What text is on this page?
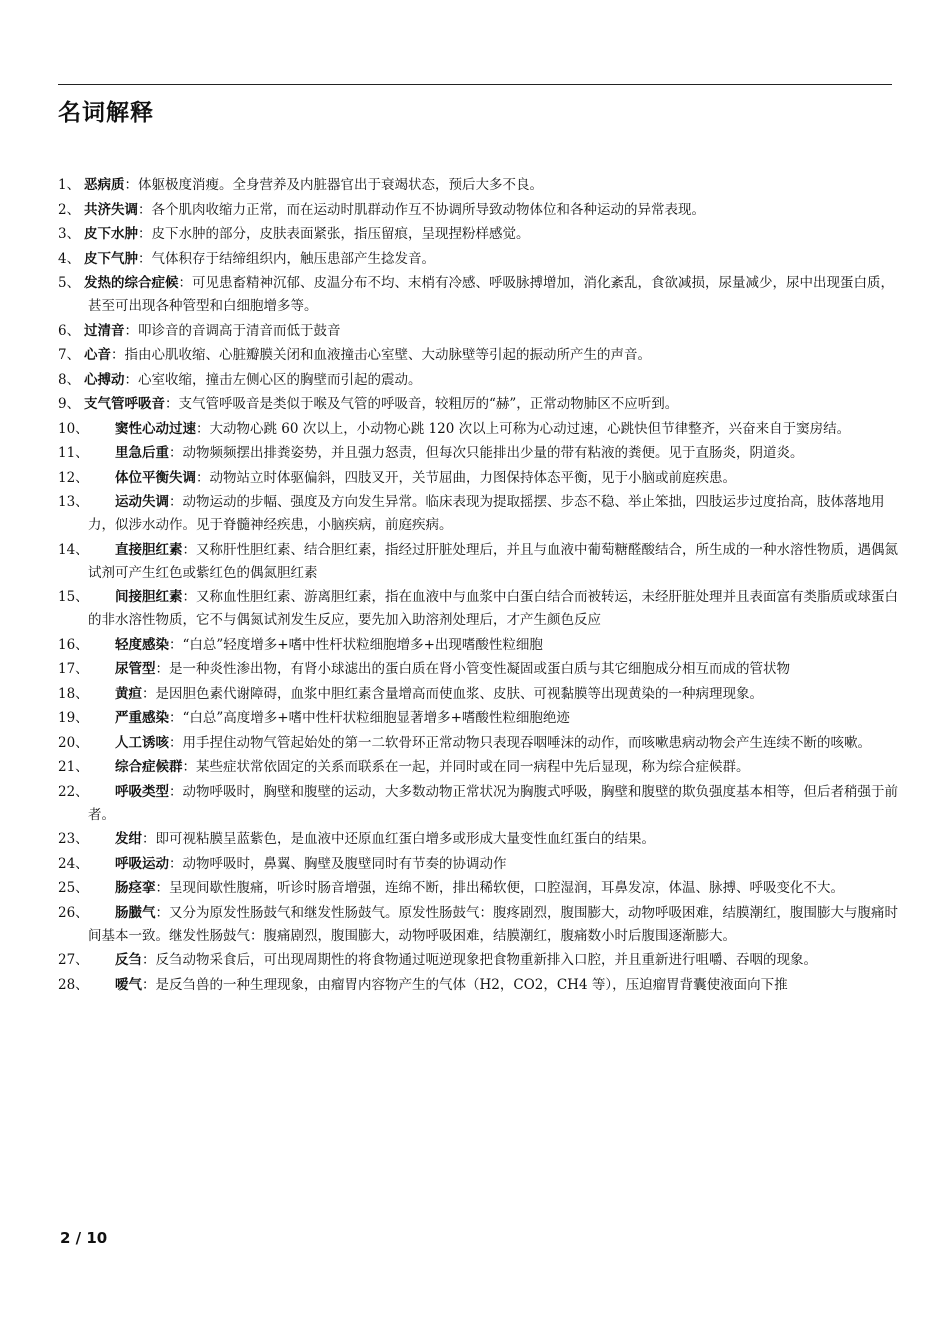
名词解释
1、 恶病质：体躯极度消瘦。全身营养及内脏器官出于衰竭状态，预后大多不良。
2、 共济失调：各个肌肉收缩力正常，而在运动时肌群动作互不协调所导致动物体位和各种运动的异常表现。
3、 皮下水肿：皮下水肿的部分，皮肤表面紧张，指压留痕，呈现捏粉样感觉。
4、 皮下气肿：气体积存于结缔组织内，触压患部产生捻发音。
5、 发热的综合症候：可见患畜精神沉郁、皮温分布不均、末梢有冷感、呼吸脉搏增加，消化紊乱，食欲减损，尿量减少，尿中出现蛋白质，甚至可出现各种管型和白细胞增多等。
6、 过清音：叩诊音的音调高于清音而低于鼓音
7、 心音：指由心肌收缩、心脏瓣膜关闭和血液撞击心室壁、大动脉壁等引起的振动所产生的声音。
8、 心搏动：心室收缩，撞击左侧心区的胸壁而引起的震动。
9、 支气管呼吸音：支气管呼吸音是类似于喉及气管的呼吸音，较粗厉的“赫”，正常动物肺区不应听到。
10、 窦性心动过速：大动物心跳 60 次以上，小动物心跳 120 次以上可称为心动过速，心跳快但节律整齐，兴奋来自于窦房结。
11、 里急后重：动物频频摆出排粪姿势，并且强力怒责，但每次只能排出少量的带有粘液的粪便。见于直肠炎，阴道炎。
12、 体位平衡失调：动物站立时体驱偏斜，四肢叉开，关节屈曲，力图保持体态平衡，见于小脑或前庭疾患。
13、 运动失调：动物运动的步幅、强度及方向发生异常。临床表现为提取摇摆、步态不稳、举止笨拙，四肢运步过度抬高，肢体落地用力，似涉水动作。见于脊髓神经疾患，小脑疾病，前庭疾病。
14、 直接胆红素：又称肝性胆红素、结合胆红素，指经过肝脏处理后，并且与血液中葡萄糖醛酸结合，所生成的一种水溶性物质，遇偶氮试剂可产生红色或紫红色的偶氮胆红素
15、 间接胆红素：又称血性胆红素、游离胆红素，指在血液中与血浆中白蛋白结合而被转运，未经肝脏处理并且表面富有类脂质或球蛋白的非水溶性物质，它不与偶氮试剂发生反应，要先加入助溶剂处理后，才产生颜色反应
16、 轻度感染：“白总”轻度增多+嗜中性杆状粒细胞增多+出现嗜酸性粒细胞
17、 尿管型：是一种炎性渗出物，有肾小球滤出的蛋白质在肾小管变性凝固或蛋白质与其它细胞成分相互而成的管状物
18、 黄疸：是因胆色素代谢障碍，血浆中胆红素含量增高而使血浆、皮肤、可视黏膜等出现黄染的一种病理现象。
19、 严重感染：“白总”高度增多+嗜中性杆状粒细胞显著增多+嗜酸性粒细胞绝迹
20、 人工诱咳：用手捏住动物气管起始处的第一二软骨环正常动物只表现吞咽唾沫的动作，而咳嗽患病动物会产生连续不断的咳嗽。
21、 综合症候群：某些症状常依固定的关系而联系在一起，并同时或在同一病程中先后显现，称为综合症候群。
22、 呼吸类型：动物呼吸时，胸壁和腹壁的运动，大多数动物正常状况为胸腹式呼吸，胸壁和腹壁的欺负强度基本相等，但后者稍强于前者。
23、 发绀：即可视粘膜呈蓝紫色，是血液中还原血红蛋白增多或形成大量变性血红蛋白的结果。
24、 呼吸运动：动物呼吸时，鼻翼、胸壁及腹壁同时有节奏的协调动作
25、 肠痉挛：呈现间歇性腹痛，听诊时肠音增强，连绵不断，排出稀软便，口腔湿润，耳鼻发凉，体温、脉搏、呼吸变化不大。
26、 肠臌气：又分为原发性肠鼓气和继发性肠鼓气。原发性肠鼓气：腹疼剧烈，腹围膨大，动物呼吸困难，结膜潮红，腹围膨大与腹痛时间基本一致。继发性肠鼓气：腹痛剧烈，腹围膨大，动物呼吸困难，结膜潮红，腹痛数小时后腹围逐渐膨大。
27、 反刍：反刍动物采食后，可出现周期性的将食物通过呃逆现象把食物重新排入口腔，并且重新进行咀嚼、吞咽的现象。
28、 嗳气：是反刍兽的一种生理现象，由瘤胃内容物产生的气体（H2，CO2，CH4 等），压迫瘤胃背囊使液面向下推
2 / 10
